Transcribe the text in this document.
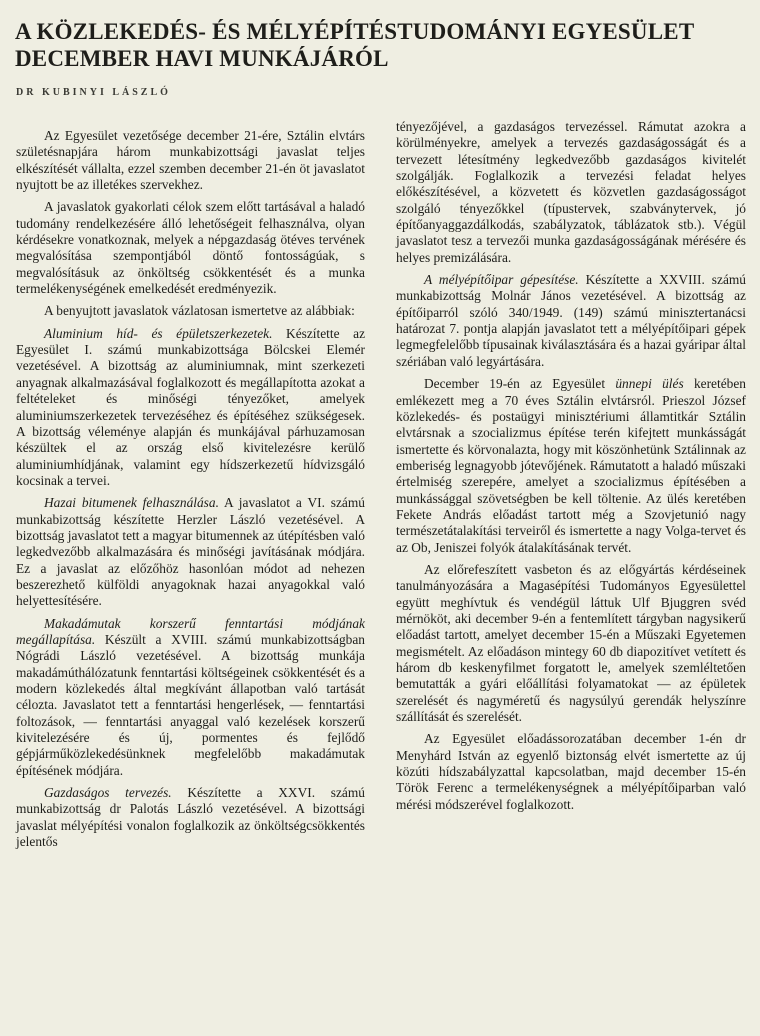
A KÖZLEKEDÉS- ÉS MÉLYÉPÍTÉSTUDOMÁNYI EGYESÜLET
DECEMBER HAVI MUNKÁJÁRÓL
DR KUBINYI LÁSZLÓ

Az Egyesület vezetősége december 21-ére, Sztálin elvtárs születésnapjára három munkabizottsági javaslat teljes elkészítését vállalta, ezzel szemben december 21-én öt javaslatot nyujtott be az illetékes szervekhez.

A javaslatok gyakorlati célok szem előtt tartásával a haladó tudomány rendelkezésére álló lehetőségeit felhasználva, olyan kérdésekre vonatkoznak, melyek a népgazdaság ötéves tervének megvalósítása szempontjából döntő fontosságúak, s megvalósításuk az önköltség csökkentését és a munka termelékenységének emelkedését eredményezik.

A benyujtott javaslatok vázlatosan ismertetve az alábbiak:

Aluminium híd- és épületszerkezetek. Készítette az Egyesület I. számú munkabizottsága Bölcskei Elemér vezetésével. A bizottság az aluminiumnak, mint szerkezeti anyagnak alkalmazásával foglalkozott és megállapította azokat a feltételeket és minőségi tényezőket, amelyek aluminiumszerkezetek tervezéséhez és építéséhez szükségesek. A bizottság véleménye alapján és munkájával párhuzamosan készültek el az ország első kivitelezésre kerülő aluminiumhídjának, valamint egy hídszerkezetű hídvizsgáló kocsinak a tervei.

Hazai bitumenek felhasználása. A javaslatot a VI. számú munkabizottság készítette Herzler László vezetésével. A bizottság javaslatot tett a magyar bitumennek az útépítésben való legkedvezőbb alkalmazására és minőségi javításának módjára. Ez a javaslat az előzőhöz hasonlóan módot ad nehezen beszerezhető külföldi anyagoknak hazai anyagokkal való helyettesítésére.

Makadámutak korszerű fenntartási módjának megállapítása. Készült a XVIII. számú munkabizottságban Nógrádi László vezetésével. A bizottság munkája makadámúthálózatunk fenntartási költségeinek csökkentését és a modern közlekedés által megkívánt állapotban való tartását célozta. Javaslatot tett a fenntartási hengerlések, — fenntartási foltozások, — fenntartási anyaggal való kezelések korszerű kivitelezésére és új, pormentes és fejlődő gépjárműközlekedésünknek megfelelőbb makadámutak építésének módjára.

Gazdaságos tervezés. Készítette a XXVI. számú munkabizottság dr Palotás László vezetésével. A bizottsági javaslat mélyépítési vonalon foglalkozik az önköltségcsökkentés jelentős

tényezőjével, a gazdaságos tervezéssel. Rámutat azokra a körülményekre, amelyek a tervezés gazdaságosságát és a tervezett létesítmény legkedvezőbb gazdaságos kivitelét szolgálják. Foglalkozik a tervezési feladat helyes előkészítésével, a közvetett és közvetlen gazdaságosságot szolgáló tényezőkkel (típustervek, szabványtervek, jó építőanyaggazdálkodás, szabályzatok, táblázatok stb.). Végül javaslatot tesz a tervezői munka gazdaságosságának mérésére és helyes premizálására.

A mélyépítőipar gépesítése. Készítette a XXVIII. számú munkabizottság Molnár János vezetésével. A bizottság az építőiparról szóló 340/1949. (149) számú minisztertanácsi határozat 7. pontja alapján javaslatot tett a mélyépítőipari gépek legmegfelelőbb típusainak kiválasztására és a hazai gyáripar által szériában való legyártására.

December 19-én az Egyesület ünnepi ülés keretében emlékezett meg a 70 éves Sztálin elvtársról. Prieszol József közlekedés- és postaügyi minisztériumi államtitkár Sztálin elvtársnak a szocializmus építése terén kifejtett munkásságát ismertette és körvonalazta, hogy mit köszönhetünk Sztálinnak az emberiség legnagyobb jótevőjének. Rámutatott a haladó műszaki értelmiség szerepére, amelyet a szocializmus építésében a munkássággal szövetségben be kell töltenie. Az ülés keretében Fekete András előadást tartott még a Szovjetunió nagy természetátalakítási terveiről és ismertette a nagy Volga-tervet és az Ob, Jeniszei folyók átalakításának tervét.

Az előrefeszített vasbeton és az előgyártás kérdéseinek tanulmányozására a Magasépítési Tudományos Egyesülettel együtt meghívtuk és vendégül láttuk Ulf Bjuggren svéd mérnököt, aki december 9-én a fentemlített tárgyban nagysikerű előadást tartott, amelyet december 15-én a Műszaki Egyetemen megismételt. Az előadáson mintegy 60 db diapozitívet vetített és három db keskenyfilmet forgatott le, amelyek szemléltetően bemutatták a gyári előállítási folyamatokat — az épületek szerelését és nagyméretű és nagysúlyú gerendák helyszínre szállítását és szerelését.

Az Egyesület előadássorozatában december 1-én dr Menyhárd István az egyenlő biztonság elvét ismertette az új közúti hídszabályzattal kapcsolatban, majd december 15-én Török Ferenc a termelékenységnek a mélyépítőiparban való mérési módszerével foglalkozott.
